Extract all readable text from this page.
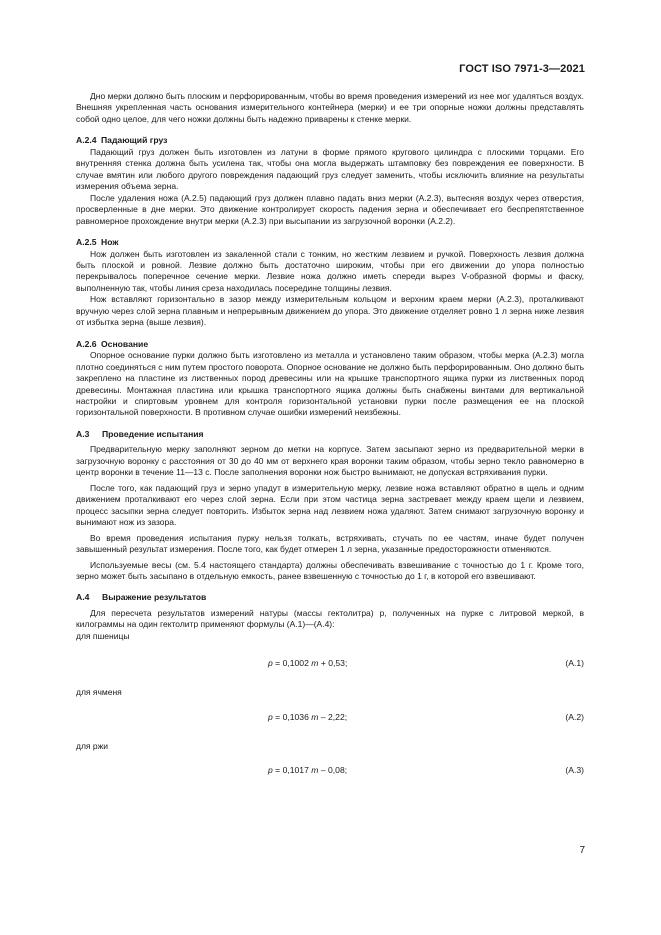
ГОСТ ISO 7971-3—2021

Дно мерки должно быть плоским и перфорированным, чтобы во время проведения измерений из нее мог удаляться воздух. Внешняя укрепленная часть основания измерительного контейнера (мерки) и ее три опорные ножки должны представлять собой одно целое, для чего ножки должны быть надежно приварены к стенке мерки.

А.2.4 Падающий груз

Падающий груз должен быть изготовлен из латуни в форме прямого кругового цилиндра с плоскими торцами. Его внутренняя стенка должна быть усилена так, чтобы она могла выдержать штамповку без повреждения ее поверхности. В случае вмятин или любого другого повреждения падающий груз следует заменить, чтобы исключить влияние на результаты измерения объема зерна.

После удаления ножа (А.2.5) падающий груз должен плавно падать вниз мерки (А.2.3), вытесняя воздух через отверстия, просверленные в дне мерки. Это движение контролирует скорость падения зерна и обеспечивает его беспрепятственное равномерное прохождение внутри мерки (А.2.3) при высыпании из загрузочной воронки (А.2.2).

А.2.5 Нож

Нож должен быть изготовлен из закаленной стали с тонким, но жестким лезвием и ручкой. Поверхность лезвия должна быть плоской и ровной. Лезвие должно быть достаточно широким, чтобы при его движении до упора полностью перекрывалось поперечное сечение мерки. Лезвие ножа должно иметь спереди вырез V-образной формы и фаску, выполненную так, чтобы линия среза находилась посередине толщины лезвия.

Нож вставляют горизонтально в зазор между измерительным кольцом и верхним краем мерки (А.2.3), проталкивают вручную через слой зерна плавным и непрерывным движением до упора. Это движение отделяет ровно 1 л зерна ниже лезвия от избытка зерна (выше лезвия).

А.2.6 Основание

Опорное основание пурки должно быть изготовлено из металла и установлено таким образом, чтобы мерка (А.2.3) могла плотно соединяться с ним путем простого поворота. Опорное основание не должно быть перфорированным. Оно должно быть закреплено на пластине из лиственных пород древесины или на крышке транспортного ящика пурки из лиственных пород древесины. Монтажная пластина или крышка транспортного ящика должны быть снабжены винтами для вертикальной настройки и спиртовым уровнем для контроля горизонтальной установки пурки после размещения ее на плоской горизонтальной поверхности. В противном случае ошибки измерений неизбежны.

А.3 Проведение испытания

Предварительную мерку заполняют зерном до метки на корпусе. Затем засыпают зерно из предварительной мерки в загрузочную воронку с расстояния от 30 до 40 мм от верхнего края воронки таким образом, чтобы зерно текло равномерно в центр воронки в течение 11—13 с. После заполнения воронки нож быстро вынимают, не допуская встряхивания пурки.

После того, как падающий груз и зерно упадут в измерительную мерку, лезвие ножа вставляют обратно в щель и одним движением проталкивают его через слой зерна. Если при этом частица зерна застревает между краем щели и лезвием, процесс засыпки зерна следует повторить. Избыток зерна над лезвием ножа удаляют. Затем снимают загрузочную воронку и вынимают нож из зазора.

Во время проведения испытания пурку нельзя толкать, встряхивать, стучать по ее частям, иначе будет получен завышенный результат измерения. После того, как будет отмерен 1 л зерна, указанные предосторожности отменяются.

Используемые весы (см. 5.4 настоящего стандарта) должны обеспечивать взвешивание с точностью до 1 г. Кроме того, зерно может быть засыпано в отдельную емкость, ранее взвешенную с точностью до 1 г, в которой его взвешивают.

А.4 Выражение результатов

Для пересчета результатов измерений натуры (массы гектолитра) р, полученных на пурке с литровой меркой, в килограммы на один гектолитр применяют формулы (А.1)—(А.4):

для пшеницы

р = 0,1002 m + 0,53;	(А.1)

для ячменя

р = 0,1036 m – 2,22;	(А.2)

для ржи

р = 0,1017 m – 0,08;	(А.3)
7
